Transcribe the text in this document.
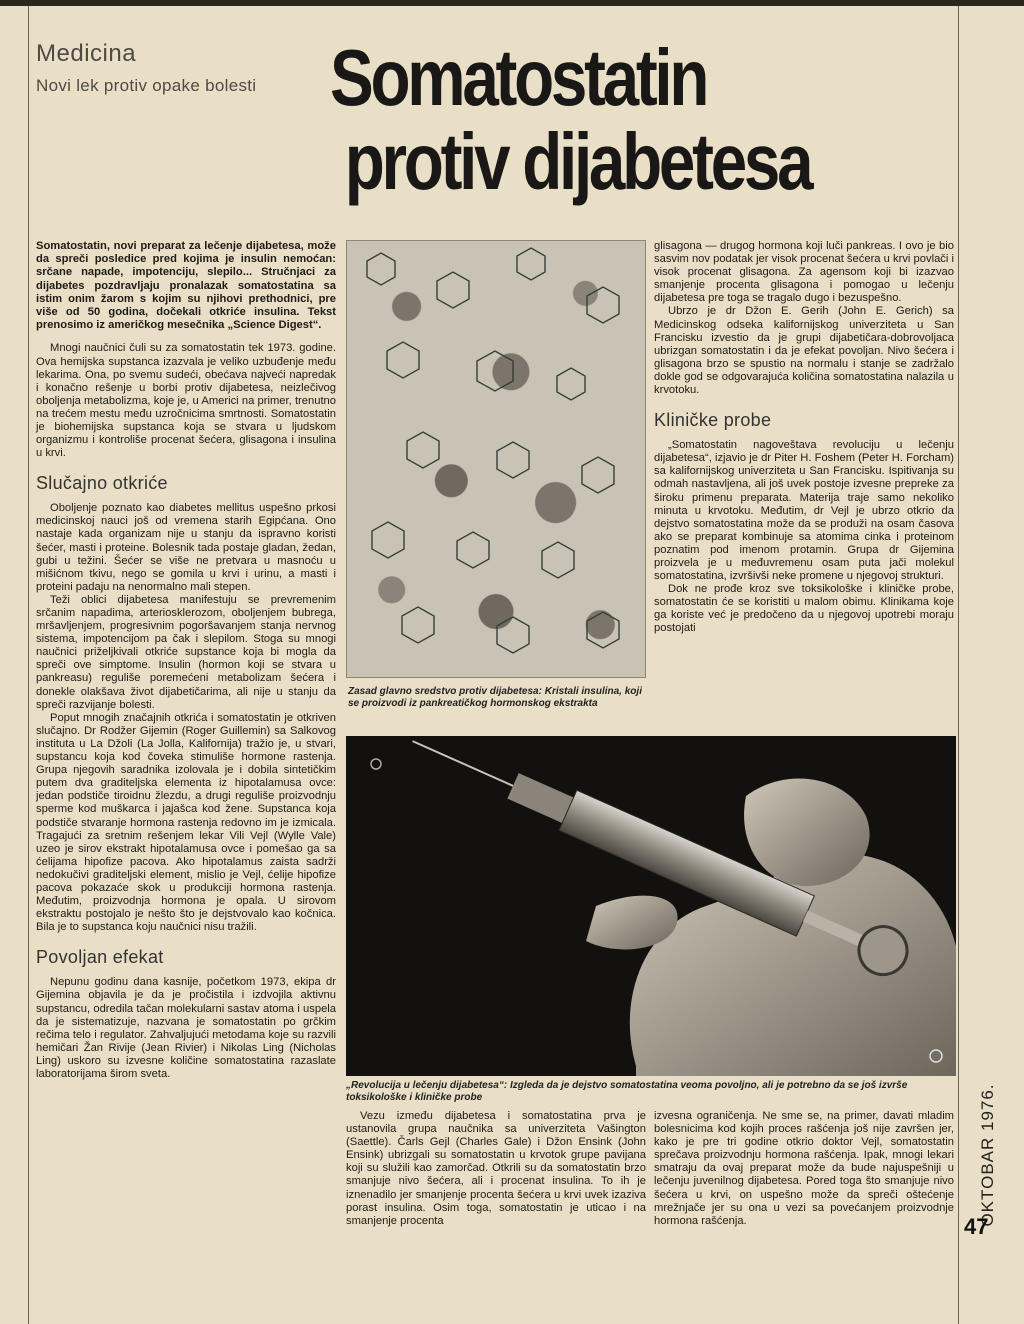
Medicina
Novi lek protiv opake bolesti Somatostatin
protiv dijabetesa

Somatostatin, novi preparat za lečenje dijabetesa, može da spreči posledice pred kojima je insulin nemoćan: srčane napade, impotenciju, slepilo... Stručnjaci za dijabetes pozdravljaju pronalazak somatostatina sa istim onim žarom s kojim su njihovi prethodnici, pre više od 50 godina, dočekali otkriće insulina. Tekst prenosimo iz američkog mesečnika „Science Digest“.

Mnogi naučnici čuli su za somatostatin tek 1973. godine. Ova hemijska supstanca izazvala je veliko uzbuđenje među lekarima. Ona, po svemu sudeći, obećava najveći napredak i konačno rešenje u borbi protiv dijabetesa, neizlečivog oboljenja metabolizma, koje je, u Americi na primer, trenutno na trećem mestu među uzročnicima smrtnosti. Somatostatin je biohemijska supstanca koja se stvara u ljudskom organizmu i kontroliše procenat šećera, glisagona i insulina u krvi.

Slučajno otkriće

Oboljenje poznato kao diabetes mellitus uspešno prkosi medicinskoj nauci još od vremena starih Egipćana. Ono nastaje kada organizam nije u stanju da ispravno koristi šećer, masti i proteine. Bolesnik tada postaje gladan, žedan, gubi u težini. Šećer se više ne pretvara u masnoću u mišićnom tkivu, nego se gomila u krvi i urinu, a masti i proteini padaju na nenormalno mali stepen.

Teži oblici dijabetesa manifestuju se prevremenim srčanim napadima, arteriosklerozom, oboljenjem bubrega, mršavljenjem, progresivnim pogoršavanjem stanja nervnog sistema, impotencijom pa čak i slepilom. Stoga su mnogi naučnici priželjkivali otkriće supstance koja bi mogla da spreči ove simptome. Insulin (hormon koji se stvara u pankreasu) reguliše poremećeni metabolizam šećera i donekle olakšava život dijabetičarima, ali nije u stanju da spreči razvijanje bolesti.

Poput mnogih značajnih otkrića i somatostatin je otkriven slučajno. Dr Rodžer Gijemin (Roger Guillemin) sa Salkovog instituta u La Džoli (La Jolla, Kalifornija) tražio je, u stvari, supstancu koja kod čoveka stimuliše hormone rastenja. Grupa njegovih saradnika izolovala je i dobila sintetičkim putem dva graditeljska elementa iz hipotalamusa ovce: jedan podstiče tiroidnu žlezdu, a drugi reguliše proizvodnju sperme kod muškarca i jajašca kod žene. Supstanca koja podstiče stvaranje hormona rastenja redovno im je izmicala. Tragajući za sretnim rešenjem lekar Vili Vejl (Wylle Vale) uzeo je sirov ekstrakt hipotalamusa ovce i pomešao ga sa ćelijama hipofize pacova. Ako hipotalamus zaista sadrži nedokučivi graditeljski element, mislio je Vejl, ćelije hipofize pacova pokazaće skok u produkciji hormona rastenja. Međutim, proizvodnja hormona je opala. U sirovom ekstraktu postojalo je nešto što je dejstvovalo kao kočnica. Bila je to supstanca koju naučnici nisu tražili.

Povoljan efekat

Nepunu godinu dana kasnije, početkom 1973, ekipa dr Gijemina objavila je da je pročistila i izdvojila aktivnu supstancu, odredila tačan molekularni sastav atoma i uspela da je sistematizuje, nazvana je somatostatin po grčkim rečima telo i regulator. Zahvaljujući metodama koje su razvili hemičari Žan Rivije (Jean Rivier) i Nikolas Ling (Nicholas Ling) uskoro su izvesne količine somatostatina razaslate laboratorijama širom sveta.

Zasad glavno sredstvo protiv dijabetesa: Kristali insulina, koji se proizvodi iz pankreatičkog hormonskog ekstrakta

glisagona — drugog hormona koji luči pankreas. I ovo je bio sasvim nov podatak jer visok procenat šećera u krvi povlači i visok procenat glisagona. Za agensom koji bi izazvao smanjenje procenta glisagona i pomogao u lečenju dijabetesa pre toga se tragalo dugo i bezuspešno.

Ubrzo je dr Džon E. Gerih (John E. Gerich) sa Medicinskog odseka kalifornijskog univerziteta u San Francisku izvestio da je grupi dijabetičara-dobrovoljaca ubrizgan somatostatin i da je efekat povoljan. Nivo šećera i glisagona brzo se spustio na normalu i stanje se zadržalo dokle god se odgovarajuća količina somatostatina nalazila u krvotoku.

Kliničke probe

„Somatostatin nagoveštava revoluciju u lečenju dijabetesa“, izjavio je dr Piter H. Foshem (Peter H. Forcham) sa kalifornijskog univerziteta u San Francisku. Ispitivanja su odmah nastavljena, ali još uvek postoje izvesne prepreke za široku primenu preparata. Materija traje samo nekoliko minuta u krvotoku. Međutim, dr Vejl je ubrzo otkrio da dejstvo somatostatina može da se produži na osam časova ako se preparat kombinuje sa atomima cinka i proteinom poznatim pod imenom protamin. Grupa dr Gijemina proizvela je u međuvremenu osam puta jači molekul somatostatina, izvršivši neke promene u njegovoj strukturi.

Dok ne prođe kroz sve toksikološke i kliničke probe, somatostatin će se koristiti u malom obimu. Klinikama koje ga koriste već je predočeno da u njegovoj upotrebi moraju postojati

„Revolucija u lečenju dijabetesa“: Izgleda da je dejstvo somatostatina veoma povoljno, ali je potrebno da se još izvrše toksikološke i kliničke probe

Vezu između dijabetesa i somatostatina prva je ustanovila grupa naučnika sa univerziteta Vašington (Saettle). Čarls Gejl (Charles Gale) i Džon Ensink (John Ensink) ubrizgali su somatostatin u krvotok grupe pavijana koji su služili kao zamorčad. Otkrili su da somatostatin brzo smanjuje nivo šećera, ali i procenat insulina. To ih je iznenadilo jer smanjenje procenta šećera u krvi uvek izaziva porast insulina. Osim toga, somatostatin je uticao i na smanjenje procenta

izvesna ograničenja. Ne sme se, na primer, davati mladim bolesnicima kod kojih proces rašćenja još nije završen jer, kako je pre tri godine otkrio doktor Vejl, somatostatin sprečava proizvodnju hormona rašćenja. Ipak, mnogi lekari smatraju da ovaj preparat može da bude najuspešniji u lečenju juvenilnog dijabetesa. Pored toga što smanjuje nivo šećera u krvi, on uspešno može da spreči oštećenje mrežnjače jer su ona u vezi sa povećanjem proizvodnje hormona rašćenja.	OKTOBAR 1976.
47
